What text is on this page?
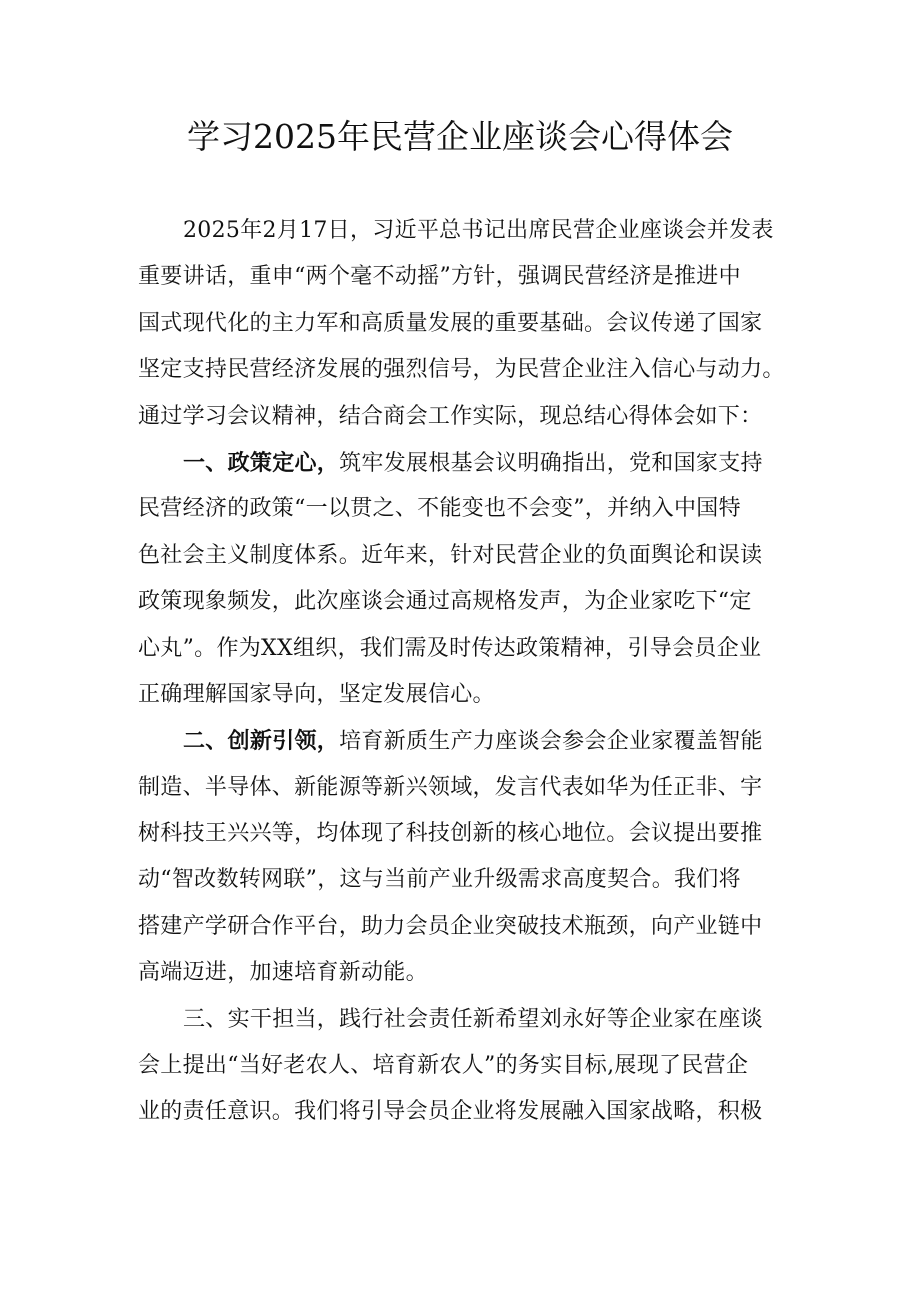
学习2025年民营企业座谈会心得体会
2025年2月17日，习近平总书记出席民营企业座谈会并发表
重要讲话，重申“两个毫不动摇”方针，强调民营经济是推进中
国式现代化的主力军和高质量发展的重要基础。会议传递了国家
坚定支持民营经济发展的强烈信号，为民营企业注入信心与动力。
通过学习会议精神，结合商会工作实际，现总结心得体会如下：
一、政策定心，筑牢发展根基会议明确指出，党和国家支持
民营经济的政策“一以贯之、不能变也不会变”，并纳入中国特
色社会主义制度体系。近年来，针对民营企业的负面舆论和误读
政策现象频发，此次座谈会通过高规格发声，为企业家吃下“定
心丸”。作为XX组织，我们需及时传达政策精神，引导会员企业
正确理解国家导向，坚定发展信心。
二、创新引领，培育新质生产力座谈会参会企业家覆盖智能
制造、半导体、新能源等新兴领域，发言代表如华为任正非、宇
树科技王兴兴等，均体现了科技创新的核心地位。会议提出要推
动“智改数转网联”，这与当前产业升级需求高度契合。我们将
搭建产学研合作平台，助力会员企业突破技术瓶颈，向产业链中
高端迈进，加速培育新动能。
三、实干担当，践行社会责任新希望刘永好等企业家在座谈
会上提出“当好老农人、培育新农人”的务实目标,展现了民营企
业的责任意识。我们将引导会员企业将发展融入国家战略，积极
